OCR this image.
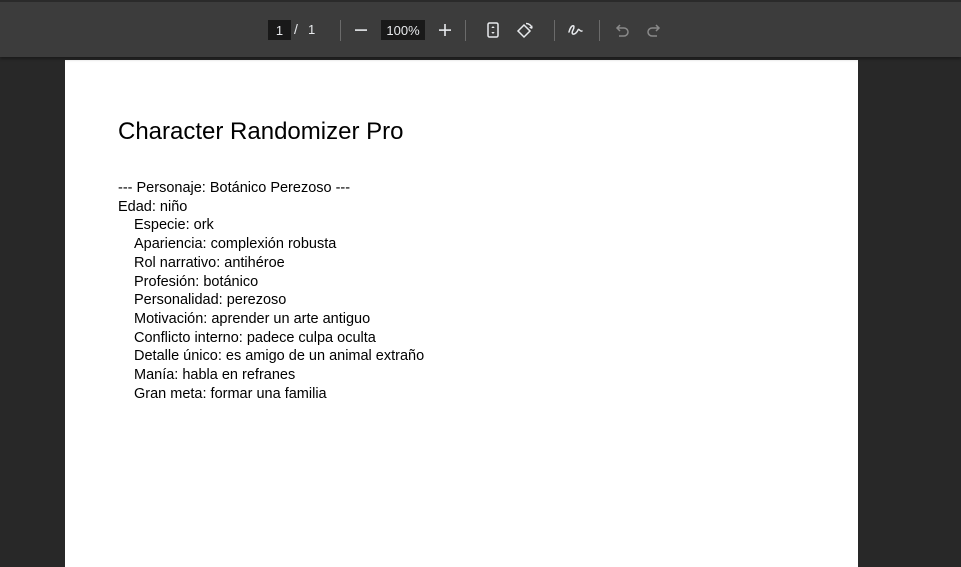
1 / 1	100%
Character Randomizer Pro
--- Personaje: Botánico Perezoso ---
Edad: niño
Especie: ork
Apariencia: complexión robusta
Rol narrativo: antihéroe
Profesión: botánico
Personalidad: perezoso
Motivación: aprender un arte antiguo
Conflicto interno: padece culpa oculta
Detalle único: es amigo de un animal extraño
Manía: habla en refranes
Gran meta: formar una familia
